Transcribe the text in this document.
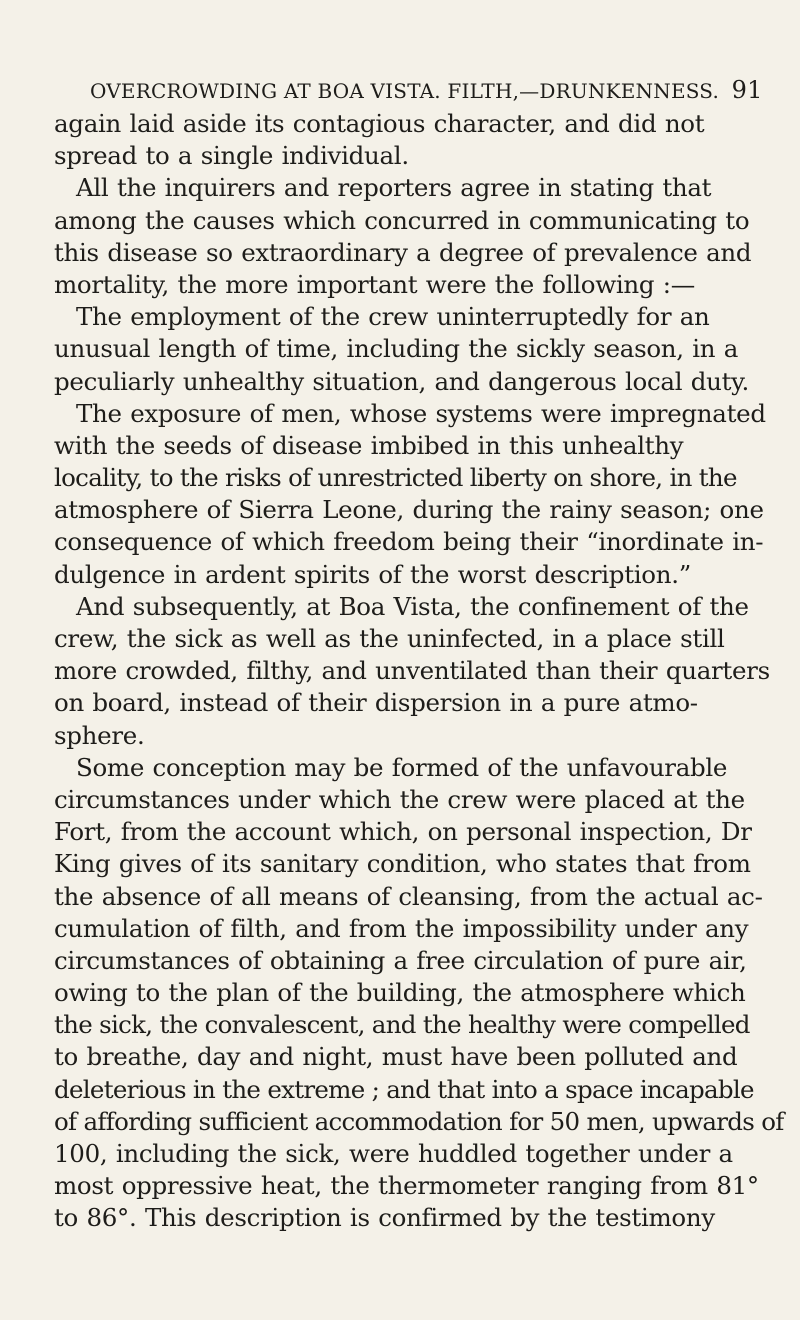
OVERCROWDING AT BOA VISTA. FILTH,—DRUNKENNESS. 91
again laid aside its contagious character, and did not
spread to a single individual.
All the inquirers and reporters agree in stating that
among the causes which concurred in communicating to
this disease so extraordinary a degree of prevalence and
mortality, the more important were the following :—
The employment of the crew uninterruptedly for an
unusual length of time, including the sickly season, in a
peculiarly unhealthy situation, and dangerous local duty.
The exposure of men, whose systems were impregnated
with the seeds of disease imbibed in this unhealthy
locality, to the risks of unrestricted liberty on shore, in the
atmosphere of Sierra Leone, during the rainy season; one
consequence of which freedom being their “inordinate in-
dulgence in ardent spirits of the worst description.”
And subsequently, at Boa Vista, the confinement of the
crew, the sick as well as the uninfected, in a place still
more crowded, filthy, and unventilated than their quarters
on board, instead of their dispersion in a pure atmo-
sphere.
Some conception may be formed of the unfavourable
circumstances under which the crew were placed at the
Fort, from the account which, on personal inspection, Dr
King gives of its sanitary condition, who states that from
the absence of all means of cleansing, from the actual ac-
cumulation of filth, and from the impossibility under any
circumstances of obtaining a free circulation of pure air,
owing to the plan of the building, the atmosphere which
the sick, the convalescent, and the healthy were compelled
to breathe, day and night, must have been polluted and
deleterious in the extreme ; and that into a space incapable
of affording sufficient accommodation for 50 men, upwards of
100, including the sick, were huddled together under a
most oppressive heat, the thermometer ranging from 81°
to 86°. This description is confirmed by the testimony
